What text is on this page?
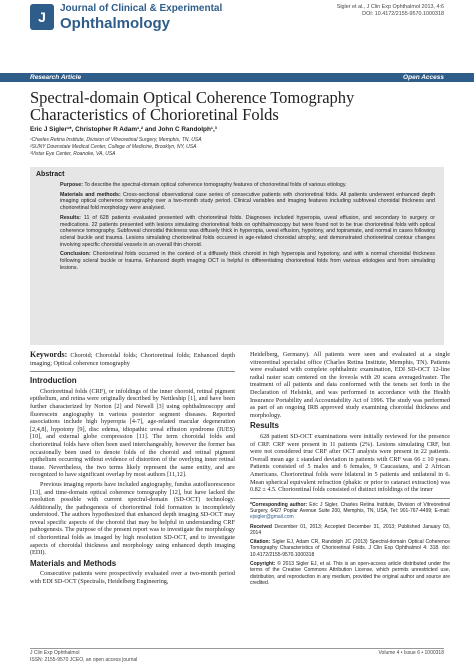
J
Journal of Clinical & Experimental
Ophthalmology
Sigler et al., J Clin Exp Ophthalmol 2013, 4:6
DOI: 10.4172/2155-9570.1000318
Research Article	Open Access
Spectral-domain Optical Coherence Tomography Characteristics of Chorioretinal Folds
Eric J Sigler¹*, Christopher R Adam¹,² and John C Randolph¹,³
¹Charles Retina Institute, Division of Vitreoretinal Surgery, Memphis, TN, USA
²SUNY Downstate Medical Center, College of Medicine, Brooklyn, NY, USA
³Vistar Eye Center, Roanoke, VA, USA
Abstract

Purpose: To describe the spectral-domain optical coherence tomography features of chorioretinal folds of various etiology.

Materials and methods: Cross-sectional observational case series of consecutive patients with chorioretinal folds. All patients underwent enhanced depth imaging optical coherence tomography over a two-month study period. Clinical variables and imaging features including subfoveal choroidal thickness and chorioretinal fold morphology were analysed.

Results: 11 of 628 patients evaluated presented with chorioretinal folds. Diagnoses included hyperopia, uveal effusion, and secondary to surgery or medications. 22 patients presented with lesions simulating chorioretinal folds on ophthalmoscopy but were found not to be true chorioretinal folds with optical coherence tomography. Subfoveal choroidal thickness was diffusely thick in hyperopia, uveal effusion, hypotony, and topiramate, and normal in cases following scleral buckle and trauma. Lesions simulating chorioretinal folds occurred in age-related choroidal atrophy, and demonstrated chorioretinal contour changes involving specific choroidal vessels in an overall thin choroid.

Conclusion: Chorioretinal folds occurred in the context of a diffusely thick choroid in high hyperopia and hypotony, and with a normal choroidal thickness following scleral buckle or trauma. Enhanced depth imaging OCT is helpful in differentiating chorioretinal folds from various etiologies and from simulating lesions.

Keywords: Choroid; Choroidal folds; Chorioretinal folds; Enhanced depth imaging; Optical coherence tomography
Introduction

Chorioretinal folds (CRF), or infoldings of the inner choroid, retinal pigment epithelium, and retina were originally described by Nettleship [1], and have been further characterized by Norton [2] and Newell [3] using ophthalmoscopy and fluorescein angiography in various posterior segment diseases. Reported associations include high hyperopia [4-7], age-related macular degeneration [2,4,8], hypotony [9], disc edema, idiopathic uveal effusion syndrome (IUES) [10], and external globe compression [11]. The term choroidal folds and chorioretinal folds have often been used interchangeably, however the former has occasionally been used to denote folds of the choroid and retinal pigment epithelium occurring without evidence of distortion of the overlying inner retinal tissue. Nevertheless, the two terms likely represent the same entity, and are recognized to have significant overlap by most authors [11,12].

Previous imaging reports have included angiography, fundus autofluorescence [13], and time-domain optical coherence tomography [12], but have lacked the resolution possible with current spectral-domain (SD-OCT) technology. Additionally, the pathogenesis of chorioretinal fold formation is incompletely understood. The authors hypothesized that enhanced depth imaging SD-OCT may reveal specific aspects of the choroid that may be helpful in understanding CRF pathogenesis. The purpose of the present report was to investigate the morphology of chorioretinal folds as imaged by high resolution SD-OCT, and to investigate aspects of choroidal thickness and morphology using enhanced depth imaging (EDI).

Materials and Methods

Consecutive patients were prospectively evaluated over a two-month period with EDI SD-OCT (Spectralis, Heidelberg Engineering,

Heidelberg, Germany). All patients were seen and evaluated at a single vitreoretinal specialist office (Charles Retina Institute, Memphis, TN). Patients were evaluated with complete ophthalmic examination, EDI SD-OCT 12-line radial raster scan centered on the foveola with 20 scans averaged/raster. The treatment of all patients and data conformed with the tenets set forth in the Declaration of Helsinki, and was performed in accordance with the Health Insurance Portability and Accountability Act of 1996. The study was performed as part of an ongoing IRB approved study examining choroidal thickness and morphology.

Results

628 patient SD-OCT examinations were initially reviewed for the presence of CRF. CRF were present in 11 patients (2%). Lesions simulating CRF, but were not considered true CRF after OCT analysis were present in 22 patients. Overall mean age ± standard deviation in patients with CRF was 66 ± 10 years. Patients consisted of 5 males and 6 females, 9 Caucasians, and 2 African Americans. Chorioretinal folds were bilateral in 5 patients and unilateral in 6. Mean spherical equivalent refraction (phakic or prior to cataract extraction) was 0.82 ± 4.5. Chorioretinal folds consisted of distinct infoldings of the inner

*Corresponding author: Eric J Sigler, Charles Retina Institute, Division of Vitreoretinal Surgery, 6427 Poplar Avenue Suite 200, Memphis, TN, USA, Tel: 901-767-4499; E-mail: ejsigler@gmail.com

Received December 01, 2013; Accepted December 31, 2013; Published January 03, 2014

Citation: Sigler EJ, Adam CR, Randolph JC (2013) Spectral-domain Optical Coherence Tomography Characteristics of Chorioretinal Folds. J Clin Exp Ophthalmol 4: 318. doi: 10.4172/2155-9570.1000318

Copyright: © 2013 Sigler EJ, et al. This is an open-access article distributed under the terms of the Creative Commons Attribution License, which permits unrestricted use, distribution, and reproduction in any medium, provided the original author and source are credited.

J Clin Exp Ophthalmol
ISSN: 2155-9570 JCEO, an open access journal
Volume 4 • Issue 6 • 1000318
